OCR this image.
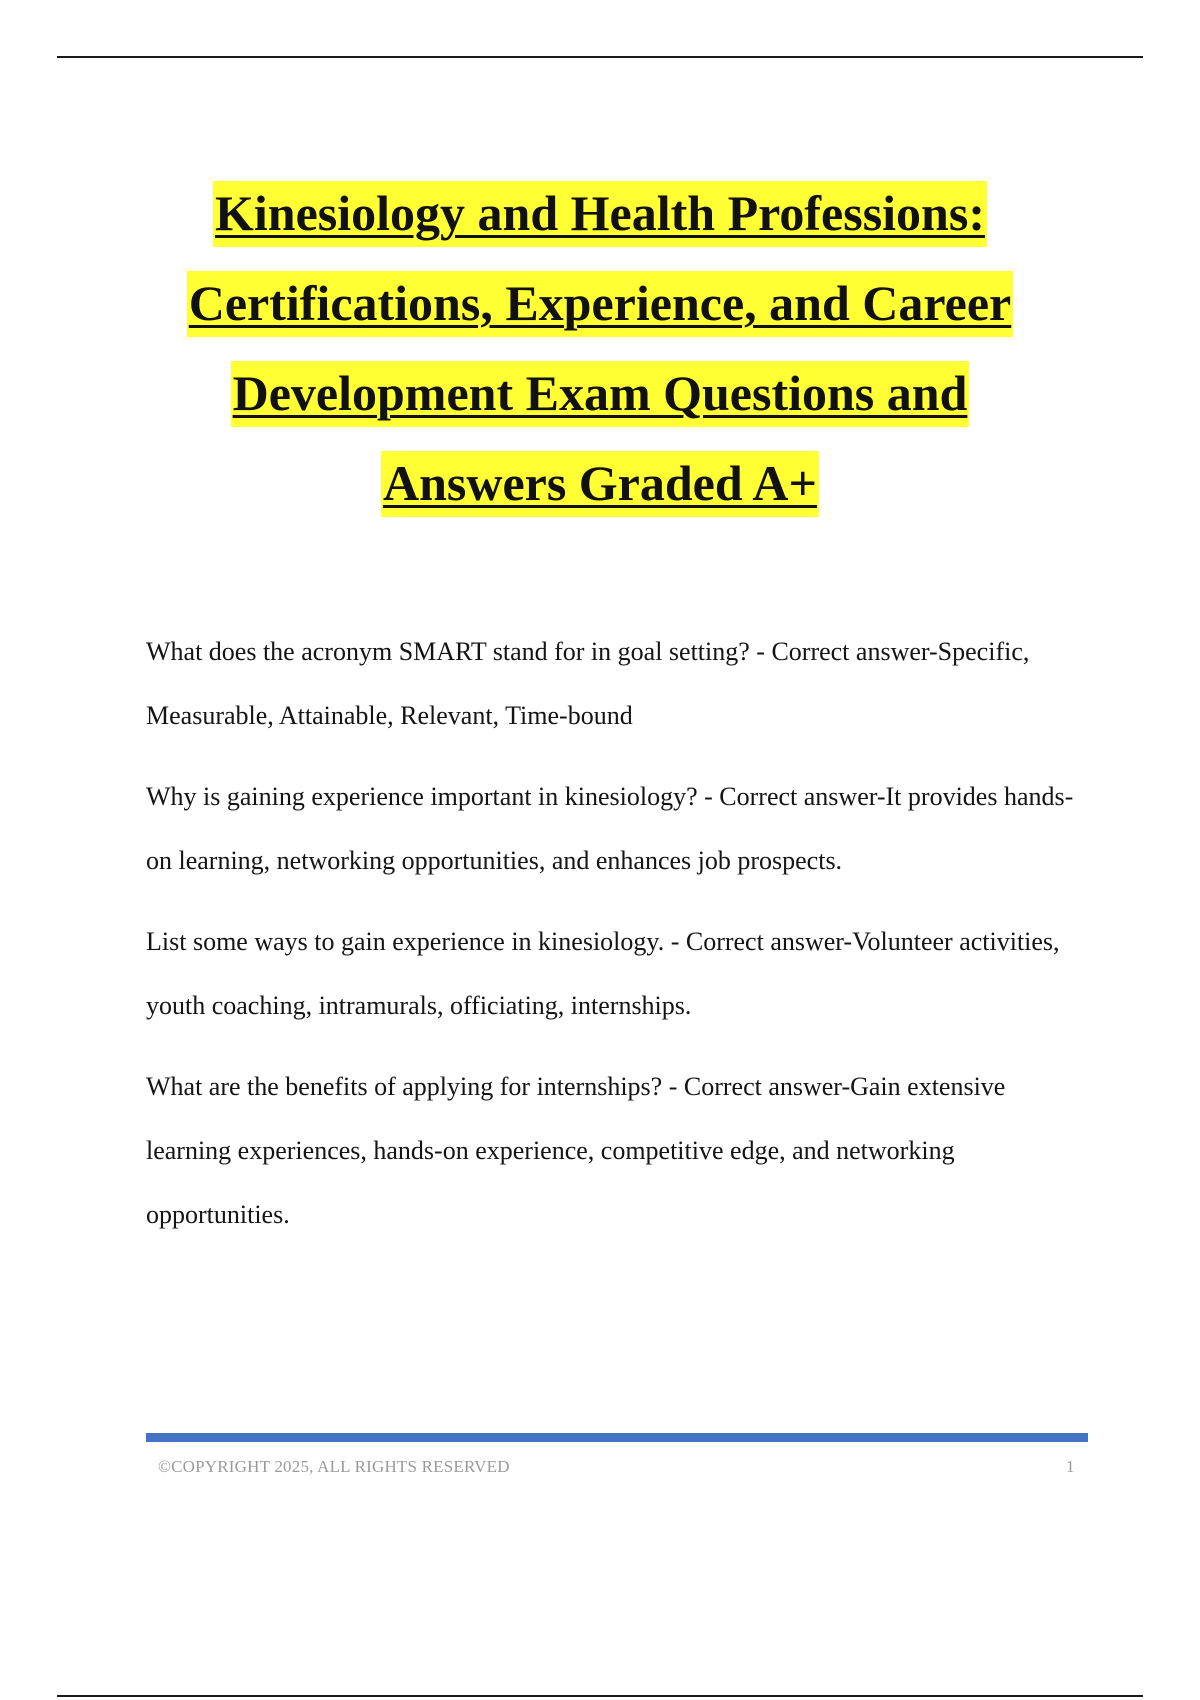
Kinesiology and Health Professions:
Certifications, Experience, and Career
Development Exam Questions and
Answers Graded A+

What does the acronym SMART stand for in goal setting? - Correct answer-Specific, Measurable, Attainable, Relevant, Time-bound

Why is gaining experience important in kinesiology? - Correct answer-It provides hands-on learning, networking opportunities, and enhances job prospects.

List some ways to gain experience in kinesiology. - Correct answer-Volunteer activities, youth coaching, intramurals, officiating, internships.

What are the benefits of applying for internships? - Correct answer-Gain extensive learning experiences, hands-on experience, competitive edge, and networking opportunities.

©COPYRIGHT 2025, ALL RIGHTS RESERVED	1
